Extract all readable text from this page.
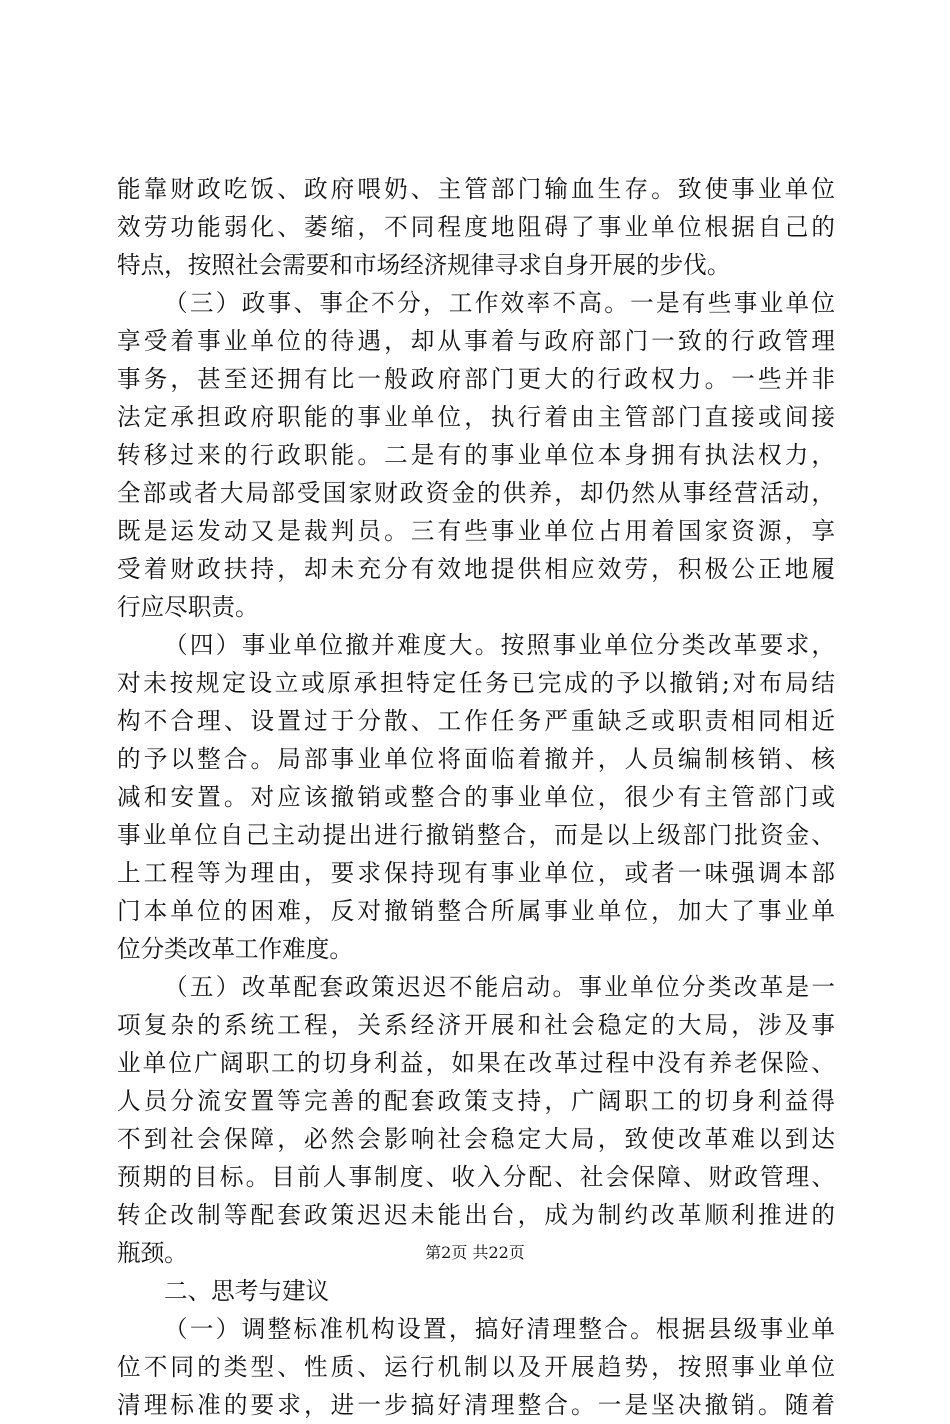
能靠财政吃饭、政府喂奶、主管部门输血生存。致使事业单位
效劳功能弱化、萎缩，不同程度地阻碍了事业单位根据自己的
特点，按照社会需要和市场经济规律寻求自身开展的步伐。
（三）政事、事企不分，工作效率不高。一是有些事业单位
享受着事业单位的待遇，却从事着与政府部门一致的行政管理
事务，甚至还拥有比一般政府部门更大的行政权力。一些并非
法定承担政府职能的事业单位，执行着由主管部门直接或间接
转移过来的行政职能。二是有的事业单位本身拥有执法权力，
全部或者大局部受国家财政资金的供养，却仍然从事经营活动，
既是运发动又是裁判员。三有些事业单位占用着国家资源，享
受着财政扶持，却未充分有效地提供相应效劳，积极公正地履
行应尽职责。
（四）事业单位撤并难度大。按照事业单位分类改革要求，
对未按规定设立或原承担特定任务已完成的予以撤销;对布局结
构不合理、设置过于分散、工作任务严重缺乏或职责相同相近
的予以整合。局部事业单位将面临着撤并，人员编制核销、核
减和安置。对应该撤销或整合的事业单位，很少有主管部门或
事业单位自己主动提出进行撤销整合，而是以上级部门批资金、
上工程等为理由，要求保持现有事业单位，或者一味强调本部
门本单位的困难，反对撤销整合所属事业单位，加大了事业单
位分类改革工作难度。
（五）改革配套政策迟迟不能启动。事业单位分类改革是一
项复杂的系统工程，关系经济开展和社会稳定的大局，涉及事
业单位广阔职工的切身利益，如果在改革过程中没有养老保险、
人员分流安置等完善的配套政策支持，广阔职工的切身利益得
不到社会保障，必然会影响社会稳定大局，致使改革难以到达
预期的目标。目前人事制度、收入分配、社会保障、财政管理、
转企改制等配套政策迟迟未能出台，成为制约改革顺利推进的
瓶颈。
二、思考与建议
（一）调整标准机构设置，搞好清理整合。根据县级事业单
位不同的类型、性质、运行机制以及开展趋势，按照事业单位
清理标准的要求，进一步搞好清理整合。一是坚决撤销。随着
第2页 共22页
